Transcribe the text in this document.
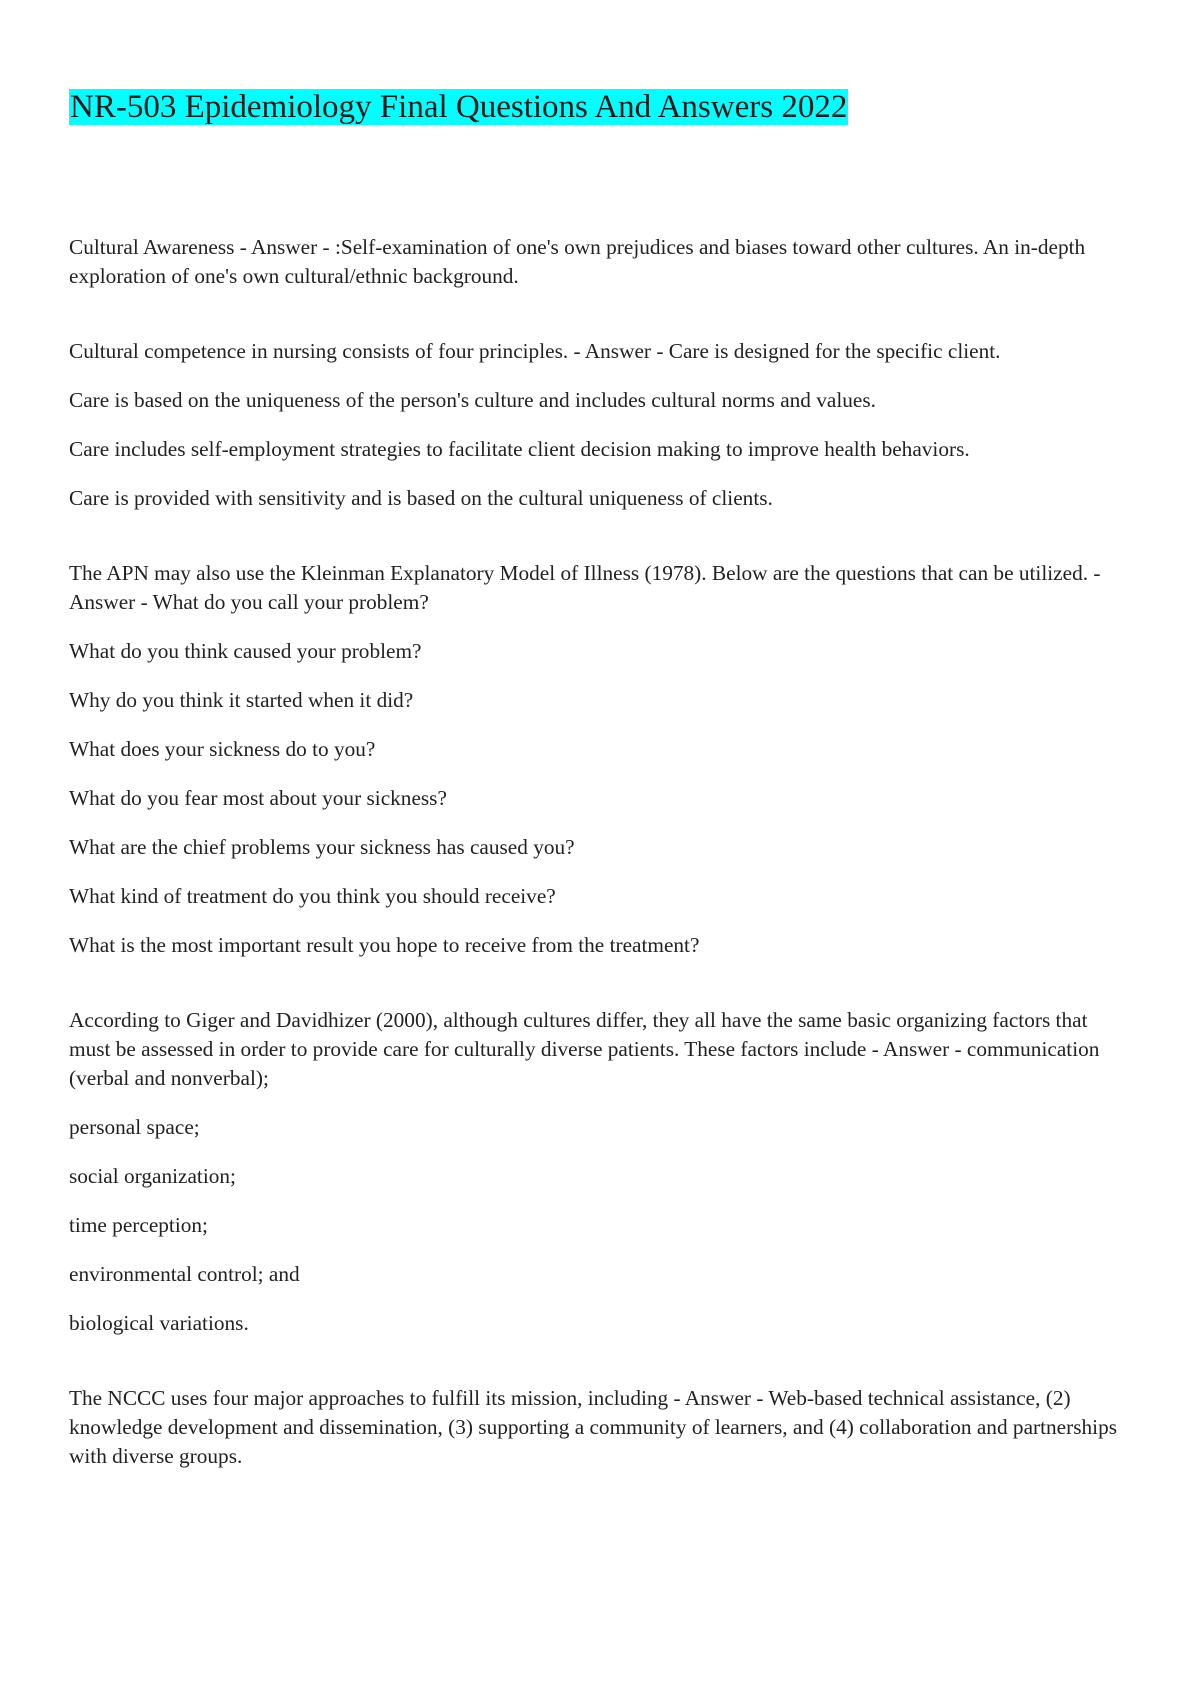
NR-503 Epidemiology Final Questions And Answers 2022

Cultural Awareness - Answer - :Self-examination of one's own prejudices and biases toward other cultures. An in-depth exploration of one's own cultural/ethnic background.

Cultural competence in nursing consists of four principles. - Answer - Care is designed for the specific client.

Care is based on the uniqueness of the person's culture and includes cultural norms and values.

Care includes self-employment strategies to facilitate client decision making to improve health behaviors.

Care is provided with sensitivity and is based on the cultural uniqueness of clients.

The APN may also use the Kleinman Explanatory Model of Illness (1978). Below are the questions that can be utilized. - Answer - What do you call your problem?

What do you think caused your problem?

Why do you think it started when it did?

What does your sickness do to you?

What do you fear most about your sickness?

What are the chief problems your sickness has caused you?

What kind of treatment do you think you should receive?

What is the most important result you hope to receive from the treatment?

According to Giger and Davidhizer (2000), although cultures differ, they all have the same basic organizing factors that must be assessed in order to provide care for culturally diverse patients. These factors include - Answer - communication (verbal and nonverbal);

personal space;

social organization;

time perception;

environmental control; and

biological variations.

The NCCC uses four major approaches to fulfill its mission, including - Answer - Web-based technical assistance, (2) knowledge development and dissemination, (3) supporting a community of learners, and (4) collaboration and partnerships with diverse groups.
